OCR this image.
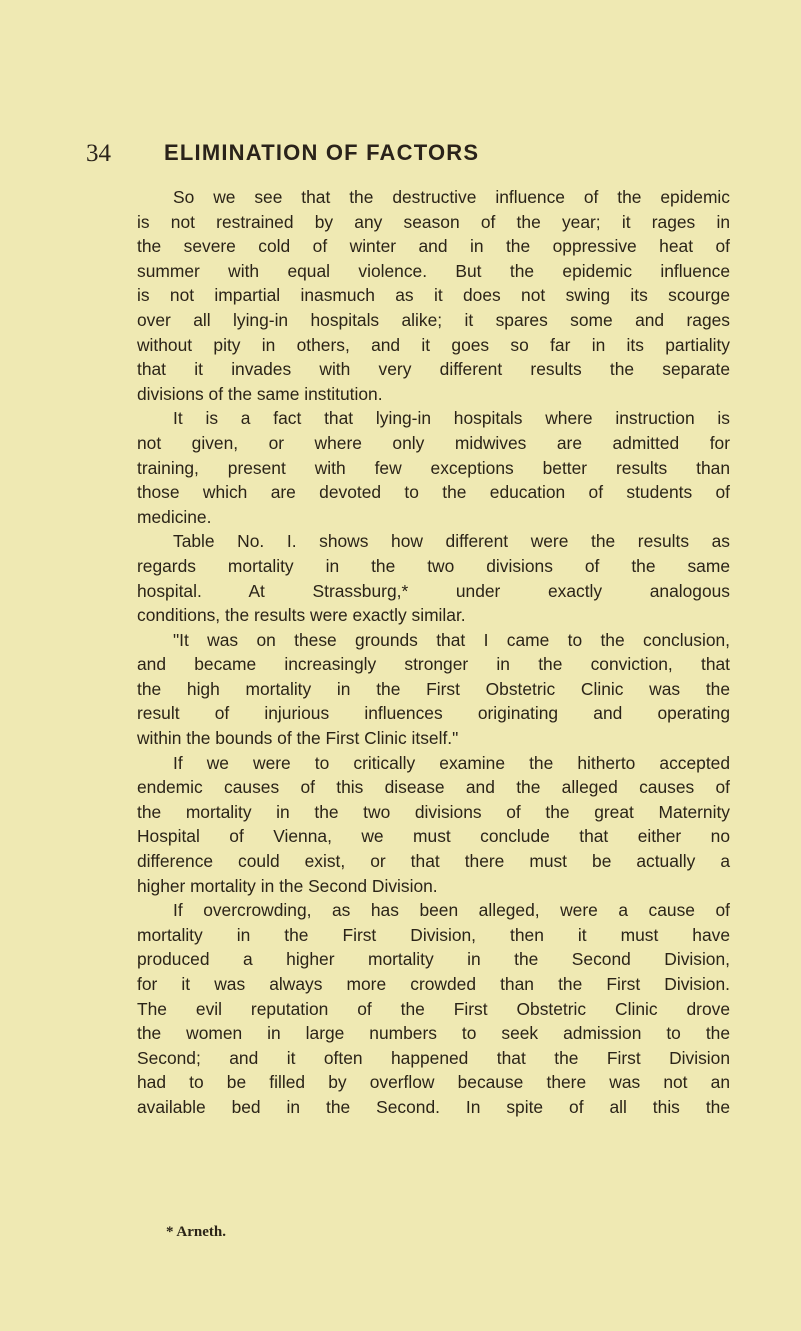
34 ELIMINATION OF FACTORS
So we see that the destructive influence of the epidemic
is not restrained by any season of the year; it rages in
the severe cold of winter and in the oppressive heat of
summer with equal violence. But the epidemic influence
is not impartial inasmuch as it does not swing its scourge
over all lying-in hospitals alike; it spares some and rages
without pity in others, and it goes so far in its partiality
that it invades with very different results the separate
divisions of the same institution.
It is a fact that lying-in hospitals where instruction is
not given, or where only midwives are admitted for
training, present with few exceptions better results than
those which are devoted to the education of students of
medicine.
Table No. I. shows how different were the results as
regards mortality in the two divisions of the same
hospital. At Strassburg,* under exactly analogous
conditions, the results were exactly similar.
"It was on these grounds that I came to the conclusion,
and became increasingly stronger in the conviction, that
the high mortality in the First Obstetric Clinic was the
result of injurious influences originating and operating
within the bounds of the First Clinic itself."
If we were to critically examine the hitherto accepted
endemic causes of this disease and the alleged causes of
the mortality in the two divisions of the great Maternity
Hospital of Vienna, we must conclude that either no
difference could exist, or that there must be actually a
higher mortality in the Second Division.
If overcrowding, as has been alleged, were a cause of
mortality in the First Division, then it must have
produced a higher mortality in the Second Division,
for it was always more crowded than the First Division.
The evil reputation of the First Obstetric Clinic drove
the women in large numbers to seek admission to the
Second; and it often happened that the First Division
had to be filled by overflow because there was not an
available bed in the Second. In spite of all this the
* Arneth.
